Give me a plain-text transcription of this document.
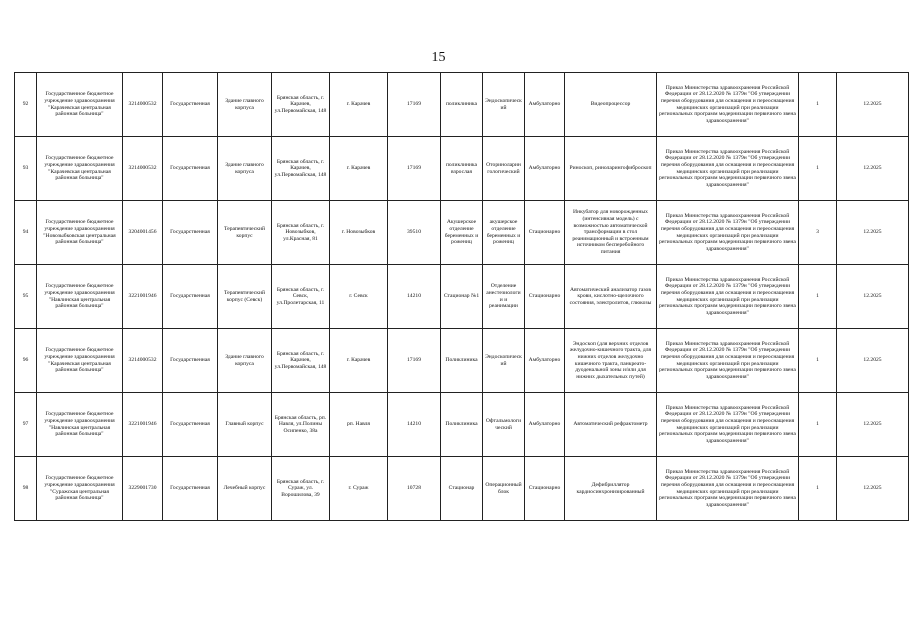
15
92	Государственное бюджетное учреждение здравоохранения "Карачевская центральная районная больница"	3214000532	Государственная	Здание главного корпуса	Брянская область, г. Карачев, ул.Первомайская, 148	г. Карачев	17169	поликлиника	Эндоскопический	Амбулаторно	Видеопроцессор	Приказ Министерства здравоохранения Российской Федерации от 28.12.2020 № 1379н "Об утверждении перечня оборудования для оснащения и переоснащения медицинских организаций при реализации региональных программ модернизации первичного звена здравоохранения"	1	12.2025
93	Государственное бюджетное учреждение здравоохранения "Карачевская центральная районная больница"	3214000532	Государственная	Здание главного корпуса	Брянская область, г. Карачев, ул.Первомайская, 148	г. Карачев	17169	поликлиника взрослая	Оториноларингологический	Амбулаторно	Риноскоп, риноларингофиброскоп	Приказ Министерства здравоохранения Российской Федерации от 28.12.2020 № 1379н "Об утверждении перечня оборудования для оснащения и переоснащения медицинских организаций при реализации региональных программ модернизации первичного звена здравоохранения"	1	12.2025
94	Государственное бюджетное учреждение здравоохранения "Новозыбковская центральная районная больница"	3204001456	Государственная	Терапевтический корпус	Брянская область, г. Новозыбков, ул.Красная, 81	г. Новозыбков	39510	Акушерское отделение беременных и рожениц	акушерское отделение беременных и рожениц	Стационарно	Инкубатор для новорожденных (интенсивная модель) с возможностью автоматической трансформации в стол реанимационный и встроенным источником бесперебойного питания	Приказ Министерства здравоохранения Российской Федерации от 28.12.2020 № 1379н "Об утверждении перечня оборудования для оснащения и переоснащения медицинских организаций при реализации региональных программ модернизации первичного звена здравоохранения"	3	12.2025
95	Государственное бюджетное учреждение здравоохранения "Навлинская центральная районная больница"	3221001946	Государственная	Терапевтический корпус (Севск)	Брянская область, г. Севск, ул.Пролетарская, 11	г. Севск	14210	Стационар №1	Отделение анестезиологии и реанимации	Стационарно	Автоматический анализатор газов крови, кислотно-щелочного состояния, электролитов, глюкозы	Приказ Министерства здравоохранения Российской Федерации от 28.12.2020 № 1379н "Об утверждении перечня оборудования для оснащения и переоснащения медицинских организаций при реализации региональных программ модернизации первичного звена здравоохранения"	1	12.2025
96	Государственное бюджетное учреждение здравоохранения "Карачевская центральная районная больница"	3214000532	Государственная	Здание главного корпуса	Брянская область, г. Карачев, ул.Первомайская, 148	г. Карачев	17169	Поликлиника	Эндоскопический	Амбулаторно	Эндоскоп (для верхних отделов желудочно-кишечного тракта, для нижних отделов желудочно кишечного тракта, панкреато-дуоденальной зоны и/или для нижних дыхательных путей)	Приказ Министерства здравоохранения Российской Федерации от 28.12.2020 № 1379н "Об утверждении перечня оборудования для оснащения и переоснащения медицинских организаций при реализации региональных программ модернизации первичного звена здравоохранения"	1	12.2025
97	Государственное бюджетное учреждение здравоохранения "Навлинская центральная районная больница"	3221001946	Государственная	Главный корпус	Брянская область, рп. Навля, ул.Полины Осипенко, 38а	рп. Навля	14210	Поликлиника	Офтальмологический	Амбулаторно	Автоматический рефрактометр	Приказ Министерства здравоохранения Российской Федерации от 28.12.2020 № 1379н "Об утверждении перечня оборудования для оснащения и переоснащения медицинских организаций при реализации региональных программ модернизации первичного звена здравоохранения"	1	12.2025
98	Государственное бюджетное учреждение здравоохранения "Суражская центральная районная больница"	3229001730	Государственная	Лечебный корпус	Брянская область, г. Сураж, ул. Ворошилова, 39	г. Сураж	10728	Стационар	Операционный блок	Стационарно	Дефибриллятор кардиосинхронизированный	Приказ Министерства здравоохранения Российской Федерации от 28.12.2020 № 1379н "Об утверждении перечня оборудования для оснащения и переоснащения медицинских организаций при реализации региональных программ модернизации первичного звена здравоохранения"	1	12.2025
